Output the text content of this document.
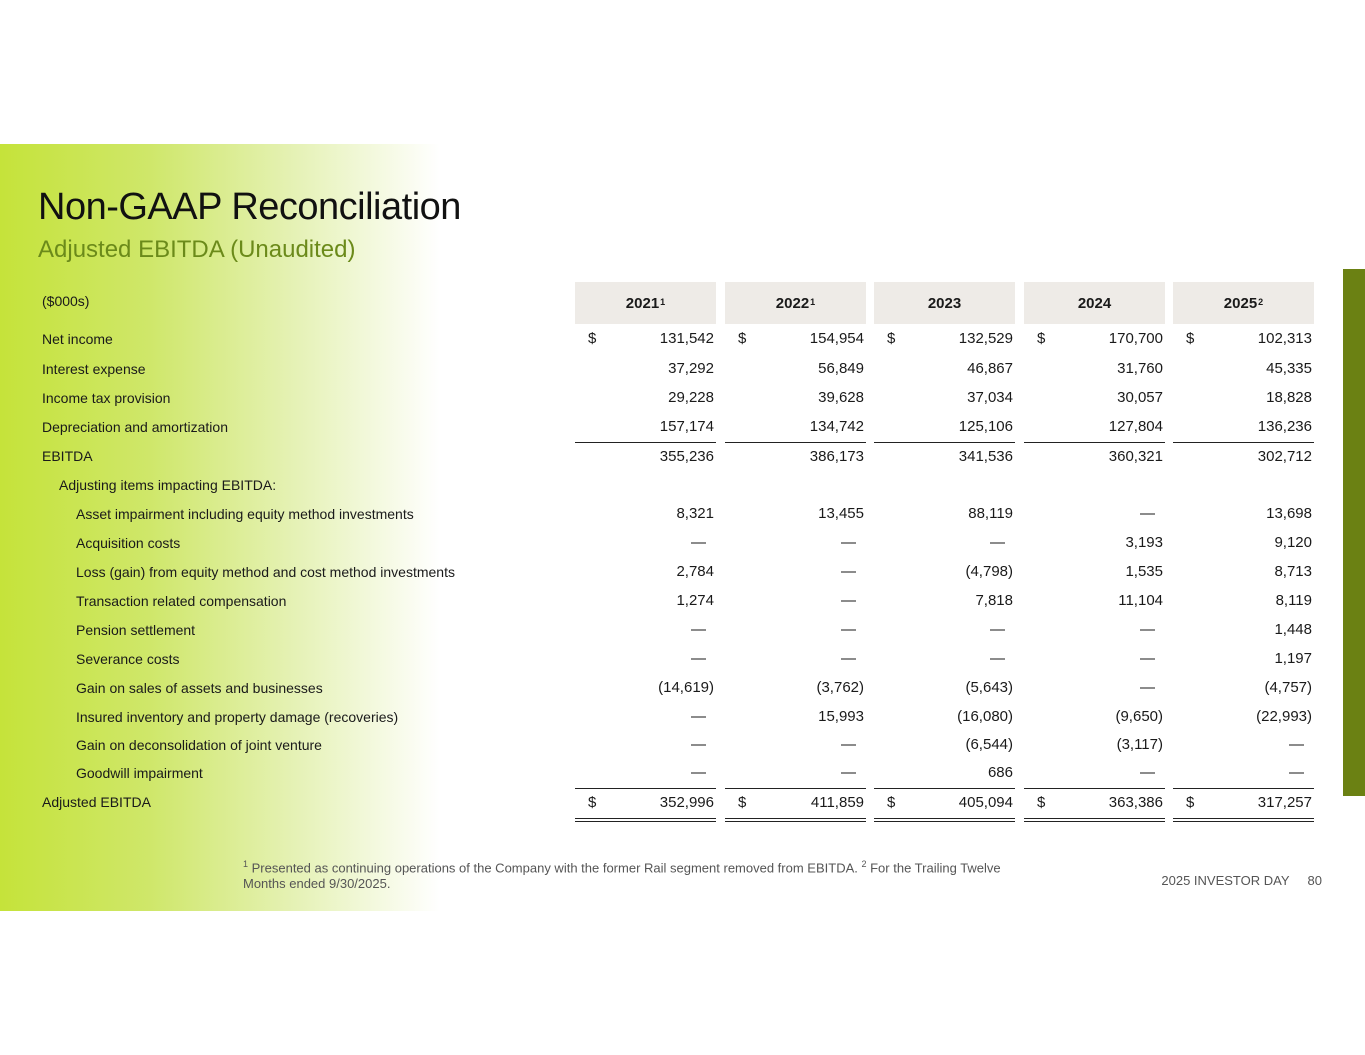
Non-GAAP Reconciliation
Adjusted EBITDA (Unaudited)
($000s)	2021$^1$	2022$^1$	2023	2024	2025$^2$
Net income	$	131,542 $	154,954 $	132,529 $	170,700 $	102,313
Interest expense	37,292	56,849	46,867	31,760	45,335
Income tax provision	29,228	39,628	37,034	30,057	18,828
Depreciation and amortization	157,174	134,742	125,106	127,804	136,236
EBITDA	355,236	386,173	341,536	360,321	302,712
Adjusting items impacting EBITDA:
Asset impairment including equity method investments	8,321	13,455	88,119	—	13,698
Acquisition costs	—	—	—	3,193	9,120
Loss (gain) from equity method and cost method investments	2,784	—	(4,798)	1,535	8,713
Transaction related compensation	1,274	—	7,818	11,104	8,119
Pension settlement	—	—	—	—	1,448
Severance costs	—	—	—	—	1,197
Gain on sales of assets and businesses	(14,619)	(3,762)	(5,643)	—	(4,757)
Insured inventory and property damage (recoveries)	—	15,993	(16,080)	(9,650)	(22,993)
Gain on deconsolidation of joint venture	—	—	(6,544)	(3,117)	—
Goodwill impairment	—	—	686	—	—
Adjusted EBITDA	$	352,996 $	411,859 $	405,094 $	363,386 $	317,257
$^1$ Presented as continuing operations of the Company with the former Rail segment removed from EBITDA. $^2$ For the Trailing Twelve Months ended 9/30/2025.	2025 INVESTOR DAY 80
